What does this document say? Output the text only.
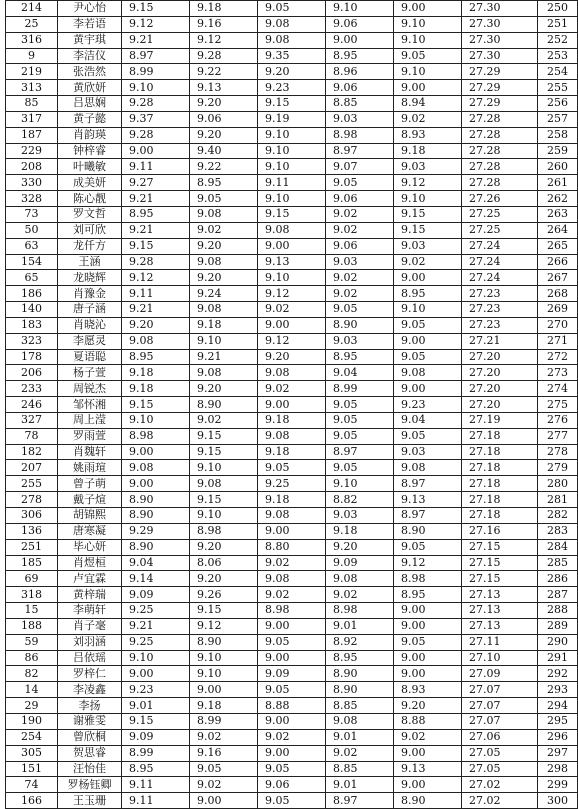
214	尹心怡	9.15	9.18	9.05	9.10	9.00	27.30	250
25	李若语	9.12	9.16	9.08	9.06	9.10	27.30	251
316	黄宇琪	9.21	9.12	9.08	9.00	9.10	27.30	252
9	李洁仪	8.97	9.28	9.35	8.95	9.05	27.30	253
219	张浩然	8.99	9.22	9.20	8.96	9.10	27.29	254
313	黄欣妍	9.10	9.13	9.23	9.06	9.00	27.29	255
85	吕思娴	9.28	9.20	9.15	8.85	8.94	27.29	256
317	黄子懿	9.37	9.06	9.19	9.03	9.02	27.28	257
187	肖韵瑛	9.28	9.20	9.10	8.98	8.93	27.28	258
229	钟梓睿	9.00	9.40	9.10	8.97	9.18	27.28	259
208	叶曦敏	9.11	9.22	9.10	9.07	9.03	27.28	260
330	成美妍	9.27	8.95	9.11	9.05	9.12	27.28	261
328	陈心靓	9.21	9.05	9.10	9.06	9.10	27.26	262
73	罗文哲	8.95	9.08	9.15	9.02	9.15	27.25	263
50	刘可欣	9.21	9.02	9.08	9.02	9.15	27.25	264
63	龙仟方	9.15	9.20	9.00	9.06	9.03	27.24	265
154	王涵	9.28	9.08	9.13	9.03	9.02	27.24	266
65	龙晓辉	9.12	9.20	9.10	9.02	9.00	27.24	267
186	肖豫金	9.11	9.24	9.12	9.02	8.95	27.23	268
140	唐子涵	9.21	9.08	9.02	9.05	9.10	27.23	269
183	肖晓沁	9.20	9.18	9.00	8.90	9.05	27.23	270
323	李愿灵	9.08	9.10	9.12	9.03	9.00	27.21	271
178	夏语聪	8.95	9.21	9.20	8.95	9.05	27.20	272
206	杨子萱	9.18	9.08	9.08	9.04	9.08	27.20	273
233	周锐杰	9.18	9.20	9.02	8.99	9.00	27.20	274
246	邹怀湘	9.15	8.90	9.00	9.05	9.23	27.20	275
327	周上滢	9.10	9.02	9.18	9.05	9.04	27.19	276
78	罗雨萱	8.98	9.15	9.08	9.05	9.05	27.18	277
182	肖魏轩	9.00	9.15	9.18	8.97	9.03	27.18	278
207	姚雨瑄	9.08	9.10	9.05	9.05	9.08	27.18	279
255	曾子萌	9.00	9.08	9.25	9.10	8.97	27.18	280
278	戴子煊	8.90	9.15	9.18	8.82	9.13	27.18	281
306	胡锦熙	8.90	9.10	9.08	9.03	8.97	27.18	282
136	唐寒凝	9.29	8.98	9.00	9.18	8.90	27.16	283
251	毕心妍	8.90	9.20	8.80	9.20	9.05	27.15	284
185	肖煜桓	9.04	8.06	9.02	9.09	9.12	27.15	285
69	卢宜霖	9.14	9.20	9.08	9.08	8.98	27.15	286
318	黄梓瑞	9.09	9.26	9.02	9.02	8.95	27.13	287
15	李萌轩	9.25	9.15	8.98	8.98	9.00	27.13	288
188	肖子毫	9.21	9.12	9.00	9.01	9.00	27.13	289
59	刘羽涵	9.25	8.90	9.05	8.92	9.05	27.11	290
86	吕依瑶	9.10	9.10	9.00	8.95	9.00	27.10	291
82	罗梓仁	9.00	9.10	9.09	8.90	9.00	27.09	292
14	李凌鑫	9.23	9.00	9.05	8.90	8.93	27.07	293
29	李扬	9.01	9.18	8.88	8.85	9.20	27.07	294
190	谢雅雯	9.15	8.99	9.00	9.08	8.88	27.07	295
254	曾欣桐	9.09	9.02	9.02	9.01	9.02	27.06	296
305	贺思睿	8.99	9.16	9.00	9.02	9.00	27.05	297
151	汪怡佳	8.95	9.05	9.05	8.85	9.13	27.05	298
74	罗杨钰卿	9.11	9.02	9.06	9.01	9.00	27.02	299
166	王玉珊	9.11	9.00	9.05	8.97	8.90	27.02	300
